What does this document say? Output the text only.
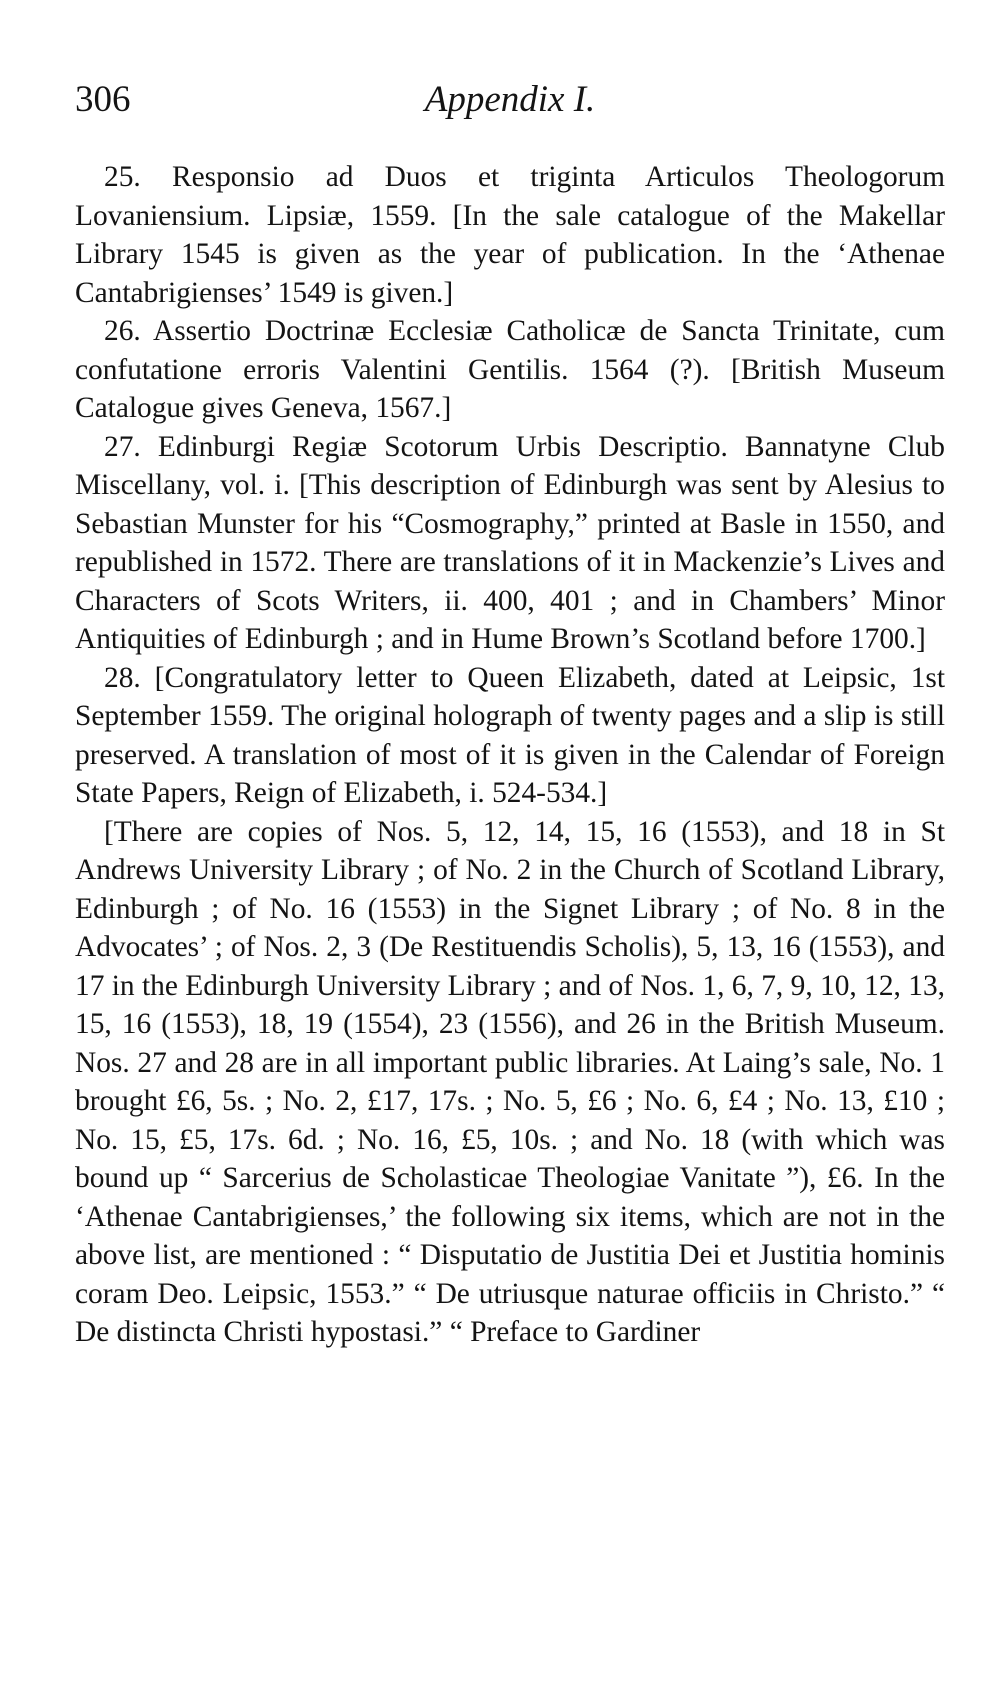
306	Appendix I.

25. Responsio ad Duos et triginta Articulos Theologorum Lovaniensium. Lipsiæ, 1559. [In the sale catalogue of the Makellar Library 1545 is given as the year of publication. In the ‘Athenae Cantabrigienses’ 1549 is given.]

26. Assertio Doctrinæ Ecclesiæ Catholicæ de Sancta Trinitate, cum confutatione erroris Valentini Gentilis. 1564 (?). [British Museum Catalogue gives Geneva, 1567.]

27. Edinburgi Regiæ Scotorum Urbis Descriptio. Bannatyne Club Miscellany, vol. i. [This description of Edinburgh was sent by Alesius to Sebastian Munster for his “Cosmography,” printed at Basle in 1550, and republished in 1572. There are translations of it in Mackenzie’s Lives and Characters of Scots Writers, ii. 400, 401 ; and in Chambers’ Minor Antiquities of Edinburgh ; and in Hume Brown’s Scotland before 1700.]

28. [Congratulatory letter to Queen Elizabeth, dated at Leipsic, 1st September 1559. The original holograph of twenty pages and a slip is still preserved. A translation of most of it is given in the Calendar of Foreign State Papers, Reign of Elizabeth, i. 524-534.]

[There are copies of Nos. 5, 12, 14, 15, 16 (1553), and 18 in St Andrews University Library ; of No. 2 in the Church of Scotland Library, Edinburgh ; of No. 16 (1553) in the Signet Library ; of No. 8 in the Advocates’ ; of Nos. 2, 3 (De Restituendis Scholis), 5, 13, 16 (1553), and 17 in the Edinburgh University Library ; and of Nos. 1, 6, 7, 9, 10, 12, 13, 15, 16 (1553), 18, 19 (1554), 23 (1556), and 26 in the British Museum. Nos. 27 and 28 are in all important public libraries. At Laing’s sale, No. 1 brought £6, 5s. ; No. 2, £17, 17s. ; No. 5, £6 ; No. 6, £4 ; No. 13, £10 ; No. 15, £5, 17s. 6d. ; No. 16, £5, 10s. ; and No. 18 (with which was bound up “ Sarcerius de Scholasticae Theologiae Vanitate ”), £6. In the ‘Athenae Cantabrigienses,’ the following six items, which are not in the above list, are mentioned : “ Disputatio de Justitia Dei et Justitia hominis coram Deo. Leipsic, 1553.” “ De utriusque naturae officiis in Christo.” “ De distincta Christi hypostasi.” “ Preface to Gardiner
